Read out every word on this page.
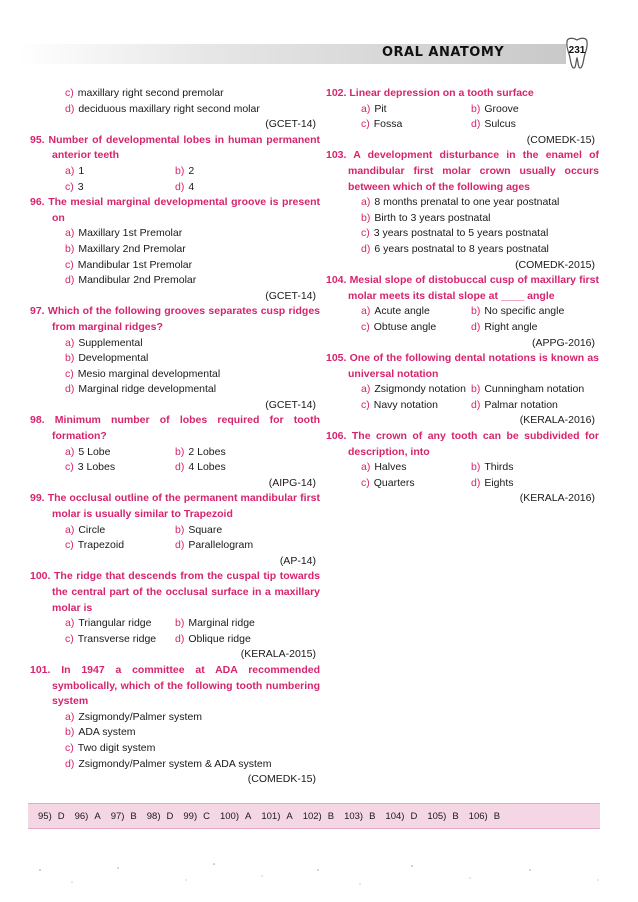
ORAL ANATOMY	231
c) maxillary right second premolar
d) deciduous maxillary right second molar
(GCET-14)
95. Number of developmental lobes in human permanent anterior teeth
a) 1	b) 2
c) 3	d) 4
96. The mesial marginal developmental groove is present on
a) Maxillary 1st Premolar
b) Maxillary 2nd Premolar
c) Mandibular 1st Premolar
d) Mandibular 2nd Premolar
(GCET-14)
97. Which of the following grooves separates cusp ridges from marginal ridges?
a) Supplemental
b) Developmental
c) Mesio marginal developmental
d) Marginal ridge developmental
(GCET-14)
98. Minimum number of lobes required for tooth formation?
a) 5 Lobe	b) 2 Lobes
c) 3 Lobes	d) 4 Lobes
(AIPG-14)
99. The occlusal outline of the permanent mandibular first molar is usually similar to Trapezoid
a) Circle	b) Square
c) Trapezoid	d) Parallelogram
(AP-14)
100. The ridge that descends from the cuspal tip towards the central part of the occlusal surface in a maxillary molar is
a) Triangular ridge	b) Marginal ridge
c) Transverse ridge	d) Oblique ridge
(KERALA-2015)
101. In 1947 a committee at ADA recommended symbolically, which of the following tooth numbering system
a) Zsigmondy/Palmer system
b) ADA system
c) Two digit system
d) Zsigmondy/Palmer system & ADA system
(COMEDK-15)
102. Linear depression on a tooth surface
a) Pit	b) Groove
c) Fossa	d) Sulcus
(COMEDK-15)
103. A development disturbance in the enamel of mandibular first molar crown usually occurs between which of the following ages
a) 8 months prenatal to one year postnatal
b) Birth to 3 years postnatal
c) 3 years postnatal to 5 years postnatal
d) 6 years postnatal to 8 years postnatal
(COMEDK-2015)
104. Mesial slope of distobuccal cusp of maxillary first molar meets its distal slope at ____ angle
a) Acute angle	b) No specific angle
c) Obtuse angle	d) Right angle
(APPG-2016)
105. One of the following dental notations is known as universal notation
a) Zsigmondy notation b) Cunningham notation
c) Navy notation	d) Palmar notation
(KERALA-2016)
106. The crown of any tooth can be subdivided for description, into
a) Halves	b) Thirds
c) Quarters	d) Eights
(KERALA-2016)
95) D	96) A	97) B	98) D	99) C	100) A	101) A	102) B	103) B	104) D	105) B	106) B
